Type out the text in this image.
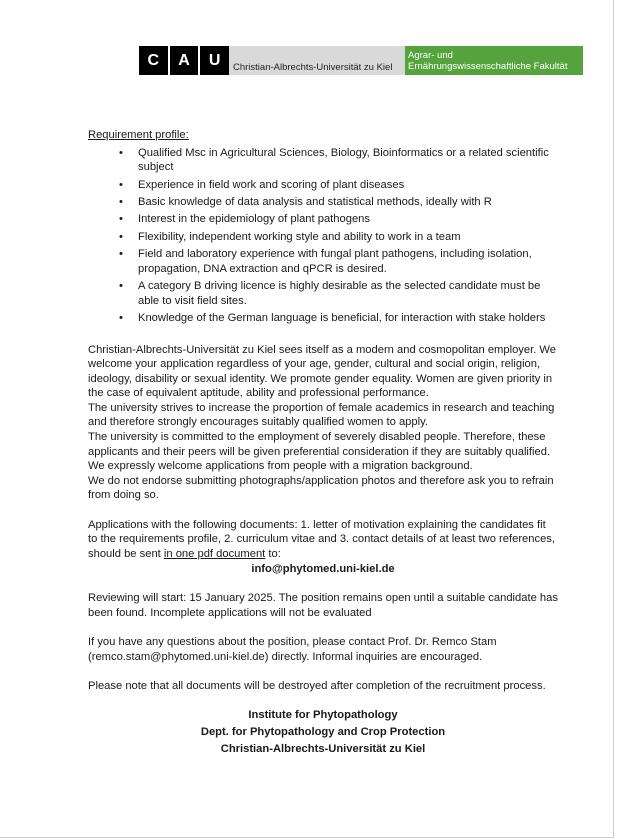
C	A	U	Christian-Albrechts-Universität zu Kiel
Agrar- und
Ernährungswissenschaftliche Fakultät

Requirement profile:

• Qualified Msc in Agricultural Sciences, Biology, Bioinformatics or a related scientific subject
• Experience in field work and scoring of plant diseases
• Basic knowledge of data analysis and statistical methods, ideally with R
• Interest in the epidemiology of plant pathogens
• Flexibility, independent working style and ability to work in a team
• Field and laboratory experience with fungal plant pathogens, including isolation, propagation, DNA extraction and qPCR is desired.
• A category B driving licence is highly desirable as the selected candidate must be able to visit field sites.
• Knowledge of the German language is beneficial, for interaction with stake holders

Christian-Albrechts-Universität zu Kiel sees itself as a modern and cosmopolitan employer. We welcome your application regardless of your age, gender, cultural and social origin, religion, ideology, disability or sexual identity. We promote gender equality. Women are given priority in the case of equivalent aptitude, ability and professional performance.

The university strives to increase the proportion of female academics in research and teaching and therefore strongly encourages suitably qualified women to apply.

The university is committed to the employment of severely disabled people. Therefore, these applicants and their peers will be given preferential consideration if they are suitably qualified.

We expressly welcome applications from people with a migration background.

We do not endorse submitting photographs/application photos and therefore ask you to refrain from doing so.

Applications with the following documents: 1. letter of motivation explaining the candidates fit to the requirements profile, 2. curriculum vitae and 3. contact details of at least two references, should be sent in one pdf document to:

info@phytomed.uni-kiel.de

Reviewing will start: 15 January 2025. The position remains open until a suitable candidate has been found. Incomplete applications will not be evaluated

If you have any questions about the position, please contact Prof. Dr. Remco Stam (remco.stam@phytomed.uni-kiel.de) directly. Informal inquiries are encouraged.

Please note that all documents will be destroyed after completion of the recruitment process.

Institute for Phytopathology
Dept. for Phytopathology and Crop Protection
Christian-Albrechts-Universität zu Kiel
